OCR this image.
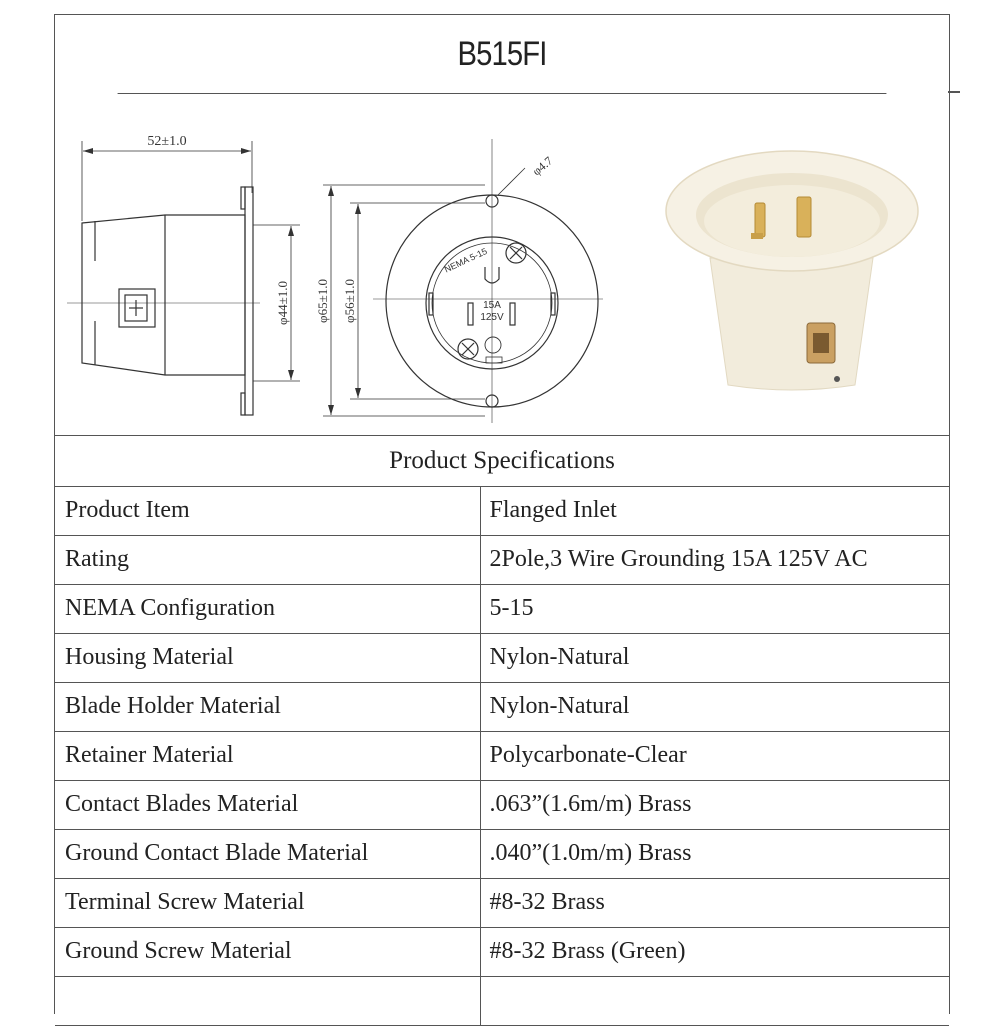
B515FI
52±1.0
φ44±1.0
φ4.7
φ65±1.0 φ56±1.0
NEMA 5-15
15A
125V
Product Specifications
Product Item	Flanged Inlet
Rating	2Pole,3 Wire Grounding 15A 125V AC
NEMA Configuration	5-15
Housing Material	Nylon-Natural
Blade Holder Material	Nylon-Natural
Retainer Material	Polycarbonate-Clear
Contact Blades Material	.063”(1.6m/m) Brass
Ground Contact Blade Material	.040”(1.0m/m) Brass
Terminal Screw Material	#8-32 Brass
Ground Screw Material	#8-32 Brass (Green)
